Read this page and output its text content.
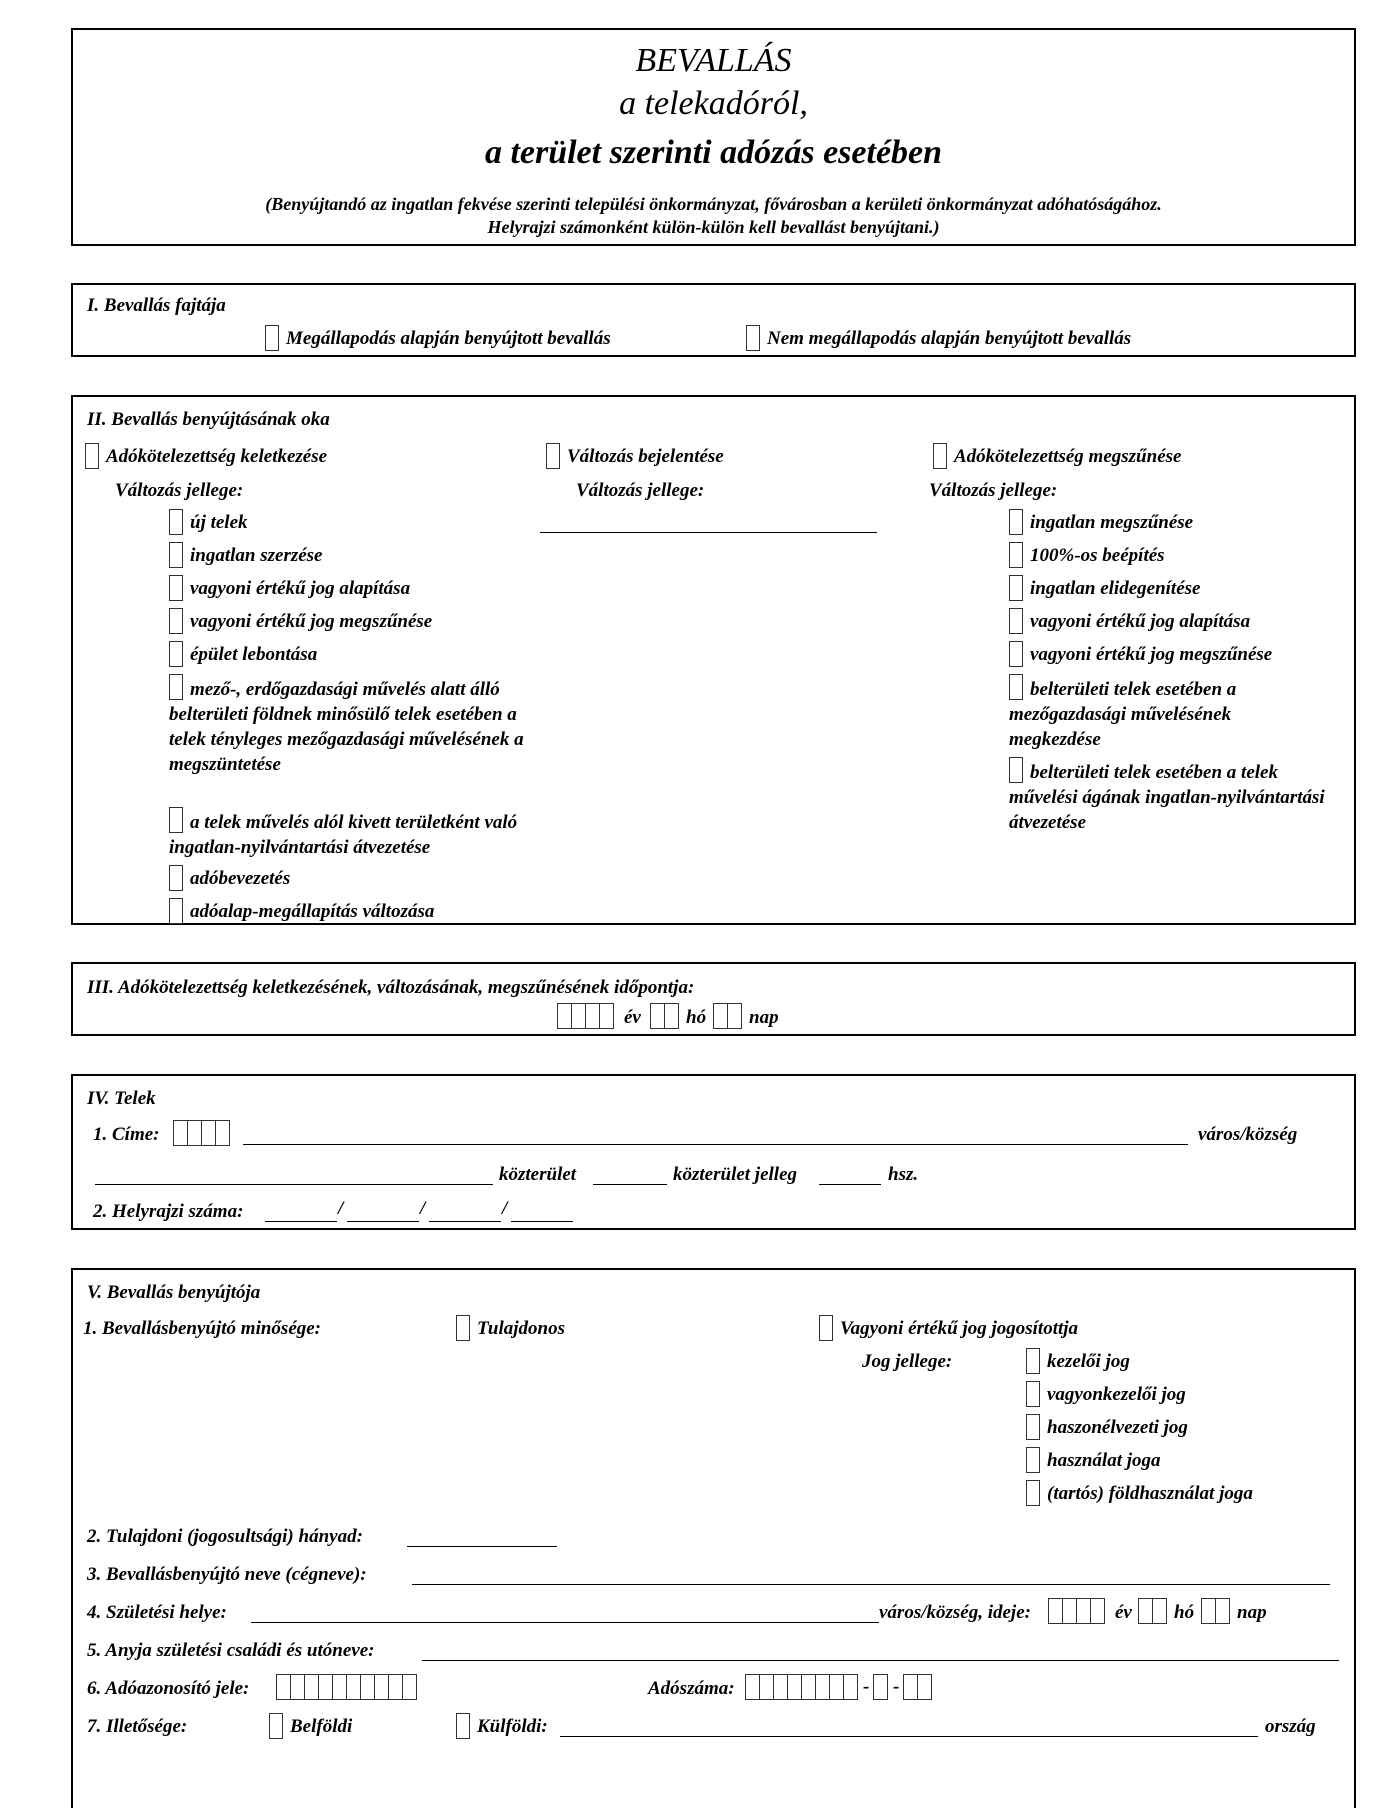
BEVALLÁS
a telekadóról,
a terület szerinti adózás esetében
(Benyújtandó az ingatlan fekvése szerinti települési önkormányzat, fővárosban a kerületi önkormányzat adóhatóságához.
Helyrajzi számonként külön-külön kell bevallást benyújtani.)
I. Bevallás fajtája
Megállapodás alapján benyújtott bevallás	Nem megállapodás alapján benyújtott bevallás
II. Bevallás benyújtásának oka
Adókötelezettség keletkezése
Változás jellege:
új telek
ingatlan szerzése
vagyoni értékű jog alapítása
vagyoni értékű jog megszűnése
épület lebontása
mező-, erdőgazdasági művelés alatt álló belterületi földnek minősülő telek esetében a telek tényleges mezőgazdasági művelésének a megszüntetése
a telek művelés alól kivett területként való ingatlan-nyilvántartási átvezetése
adóbevezetés
adóalap-megállapítás változása
Változás bejelentése
Változás jellege:
Adókötelezettség megszűnése
Változás jellege:
ingatlan megszűnése
100%-os beépítés
ingatlan elidegenítése
vagyoni értékű jog alapítása
vagyoni értékű jog megszűnése
belterületi telek esetében a mezőgazdasági művelésének megkezdése
belterületi telek esetében a telek művelési ágának ingatlan-nyilvántartási átvezetése
III. Adókötelezettség keletkezésének, változásának, megszűnésének időpontja:
év hó nap
IV. Telek
1. Címe:	város/község
közterület	közterület jelleg	hsz.
2. Helyrajzi száma:	/	/	/
V. Bevallás benyújtója
1. Bevallásbenyújtó minősége:	Tulajdonos	Vagyoni értékű jog jogosítottja
Jog jellege:	kezelői jog
vagyonkezelői jog
haszonélvezeti jog
használat joga
(tartós) földhasználat joga
2. Tulajdoni (jogosultsági) hányad:
3. Bevallásbenyújtó neve (cégneve):
4. Születési helye:	város/község, ideje:	év hó nap
5. Anyja születési családi és utóneve:
6. Adóazonosító jele:	Adószáma:	- -
7. Illetősége:	Belföldi	Külföldi:	ország
